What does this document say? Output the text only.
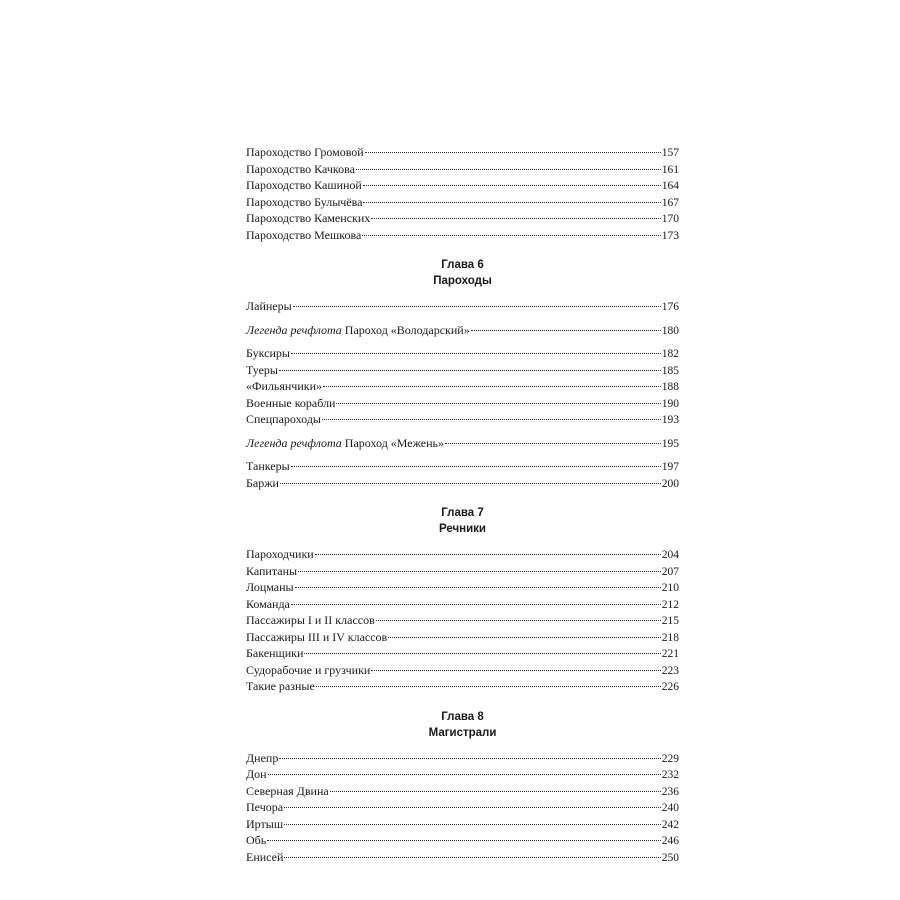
Пароходство Громовой	157
Пароходство Качкова	161
Пароходство Кашиной	164
Пароходство Булычёва	167
Пароходство Каменских	170
Пароходство Мешкова	173
Глава 6
Пароходы
Лайнеры	176
Легенда речфлота Пароход «Володарский»	180
Буксиры	182
Туеры	185
«Фильянчики»	188
Военные корабли	190
Спецпароходы	193
Легенда речфлота Пароход «Межень»	195
Танкеры	197
Баржи	200
Глава 7
Речники
Пароходчики	204
Капитаны	207
Лоцманы	210
Команда	212
Пассажиры I и II классов	215
Пассажиры III и IV классов	218
Бакенщики	221
Судорабочие и грузчики	223
Такие разные	226
Глава 8
Магистрали
Днепр	229
Дон	232
Северная Двина	236
Печора	240
Иртыш	242
Обь	246
Енисей	250
